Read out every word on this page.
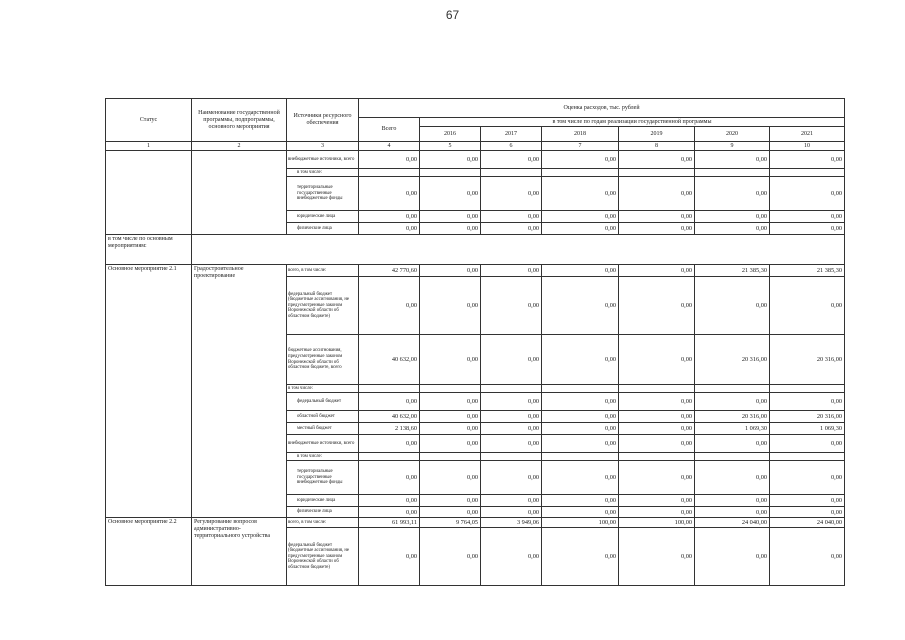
67
Статус	Наименование государственной программы, подпрограммы, основного мероприятия	Источники ресурсного обеспечения	Оценка расходов, тыс. рублей						
			Всего	в том числе по годам реализации государственной программы					
				2016	2017	2018	2019	2020	2021
1	2	3	4	5	6	7	8	9	10
		внебюджетные источники, всего	0,00	0,00	0,00	0,00	0,00	0,00	0,00
		в том числе:							
		территориальные государственные внебюджетные фонды	0,00	0,00	0,00	0,00	0,00	0,00	0,00
		юридические лица	0,00	0,00	0,00	0,00	0,00	0,00	0,00
		физические лица	0,00	0,00	0,00	0,00	0,00	0,00	0,00
в том числе по основным мероприятиям:									
Основное мероприятие 2.1	Градостроительное проектирование	всего, в том числе:	42 770,60	0,00	0,00	0,00	0,00	21 385,30	21 385,30
		федеральный бюджет (бюджетные ассигнования, не предусмотренные законом Воронежской области об областном бюджете)	0,00	0,00	0,00	0,00	0,00	0,00	0,00
		бюджетные ассигнования, предусмотренные законом Воронежской области об областном бюджете, всего	40 632,00	0,00	0,00	0,00	0,00	20 316,00	20 316,00
		в том числе:							
		федеральный бюджет	0,00	0,00	0,00	0,00	0,00	0,00	0,00
		областной бюджет	40 632,00	0,00	0,00	0,00	0,00	20 316,00	20 316,00
		местный бюджет	2 138,60	0,00	0,00	0,00	0,00	1 069,30	1 069,30
		внебюджетные источники, всего	0,00	0,00	0,00	0,00	0,00	0,00	0,00
		в том числе:							
		территориальные государственные внебюджетные фонды	0,00	0,00	0,00	0,00	0,00	0,00	0,00
		юридические лица	0,00	0,00	0,00	0,00	0,00	0,00	0,00
		физические лица	0,00	0,00	0,00	0,00	0,00	0,00	0,00
Основное мероприятие 2.2	Регулирование вопросов административно-территориального устройства	всего, в том числе:	61 993,11	9 764,05	3 949,06	100,00	100,00	24 040,00	24 040,00
		федеральный бюджет (бюджетные ассигнования, не предусмотренные законом Воронежской области об областном бюджете)	0,00	0,00	0,00	0,00	0,00	0,00	0,00
